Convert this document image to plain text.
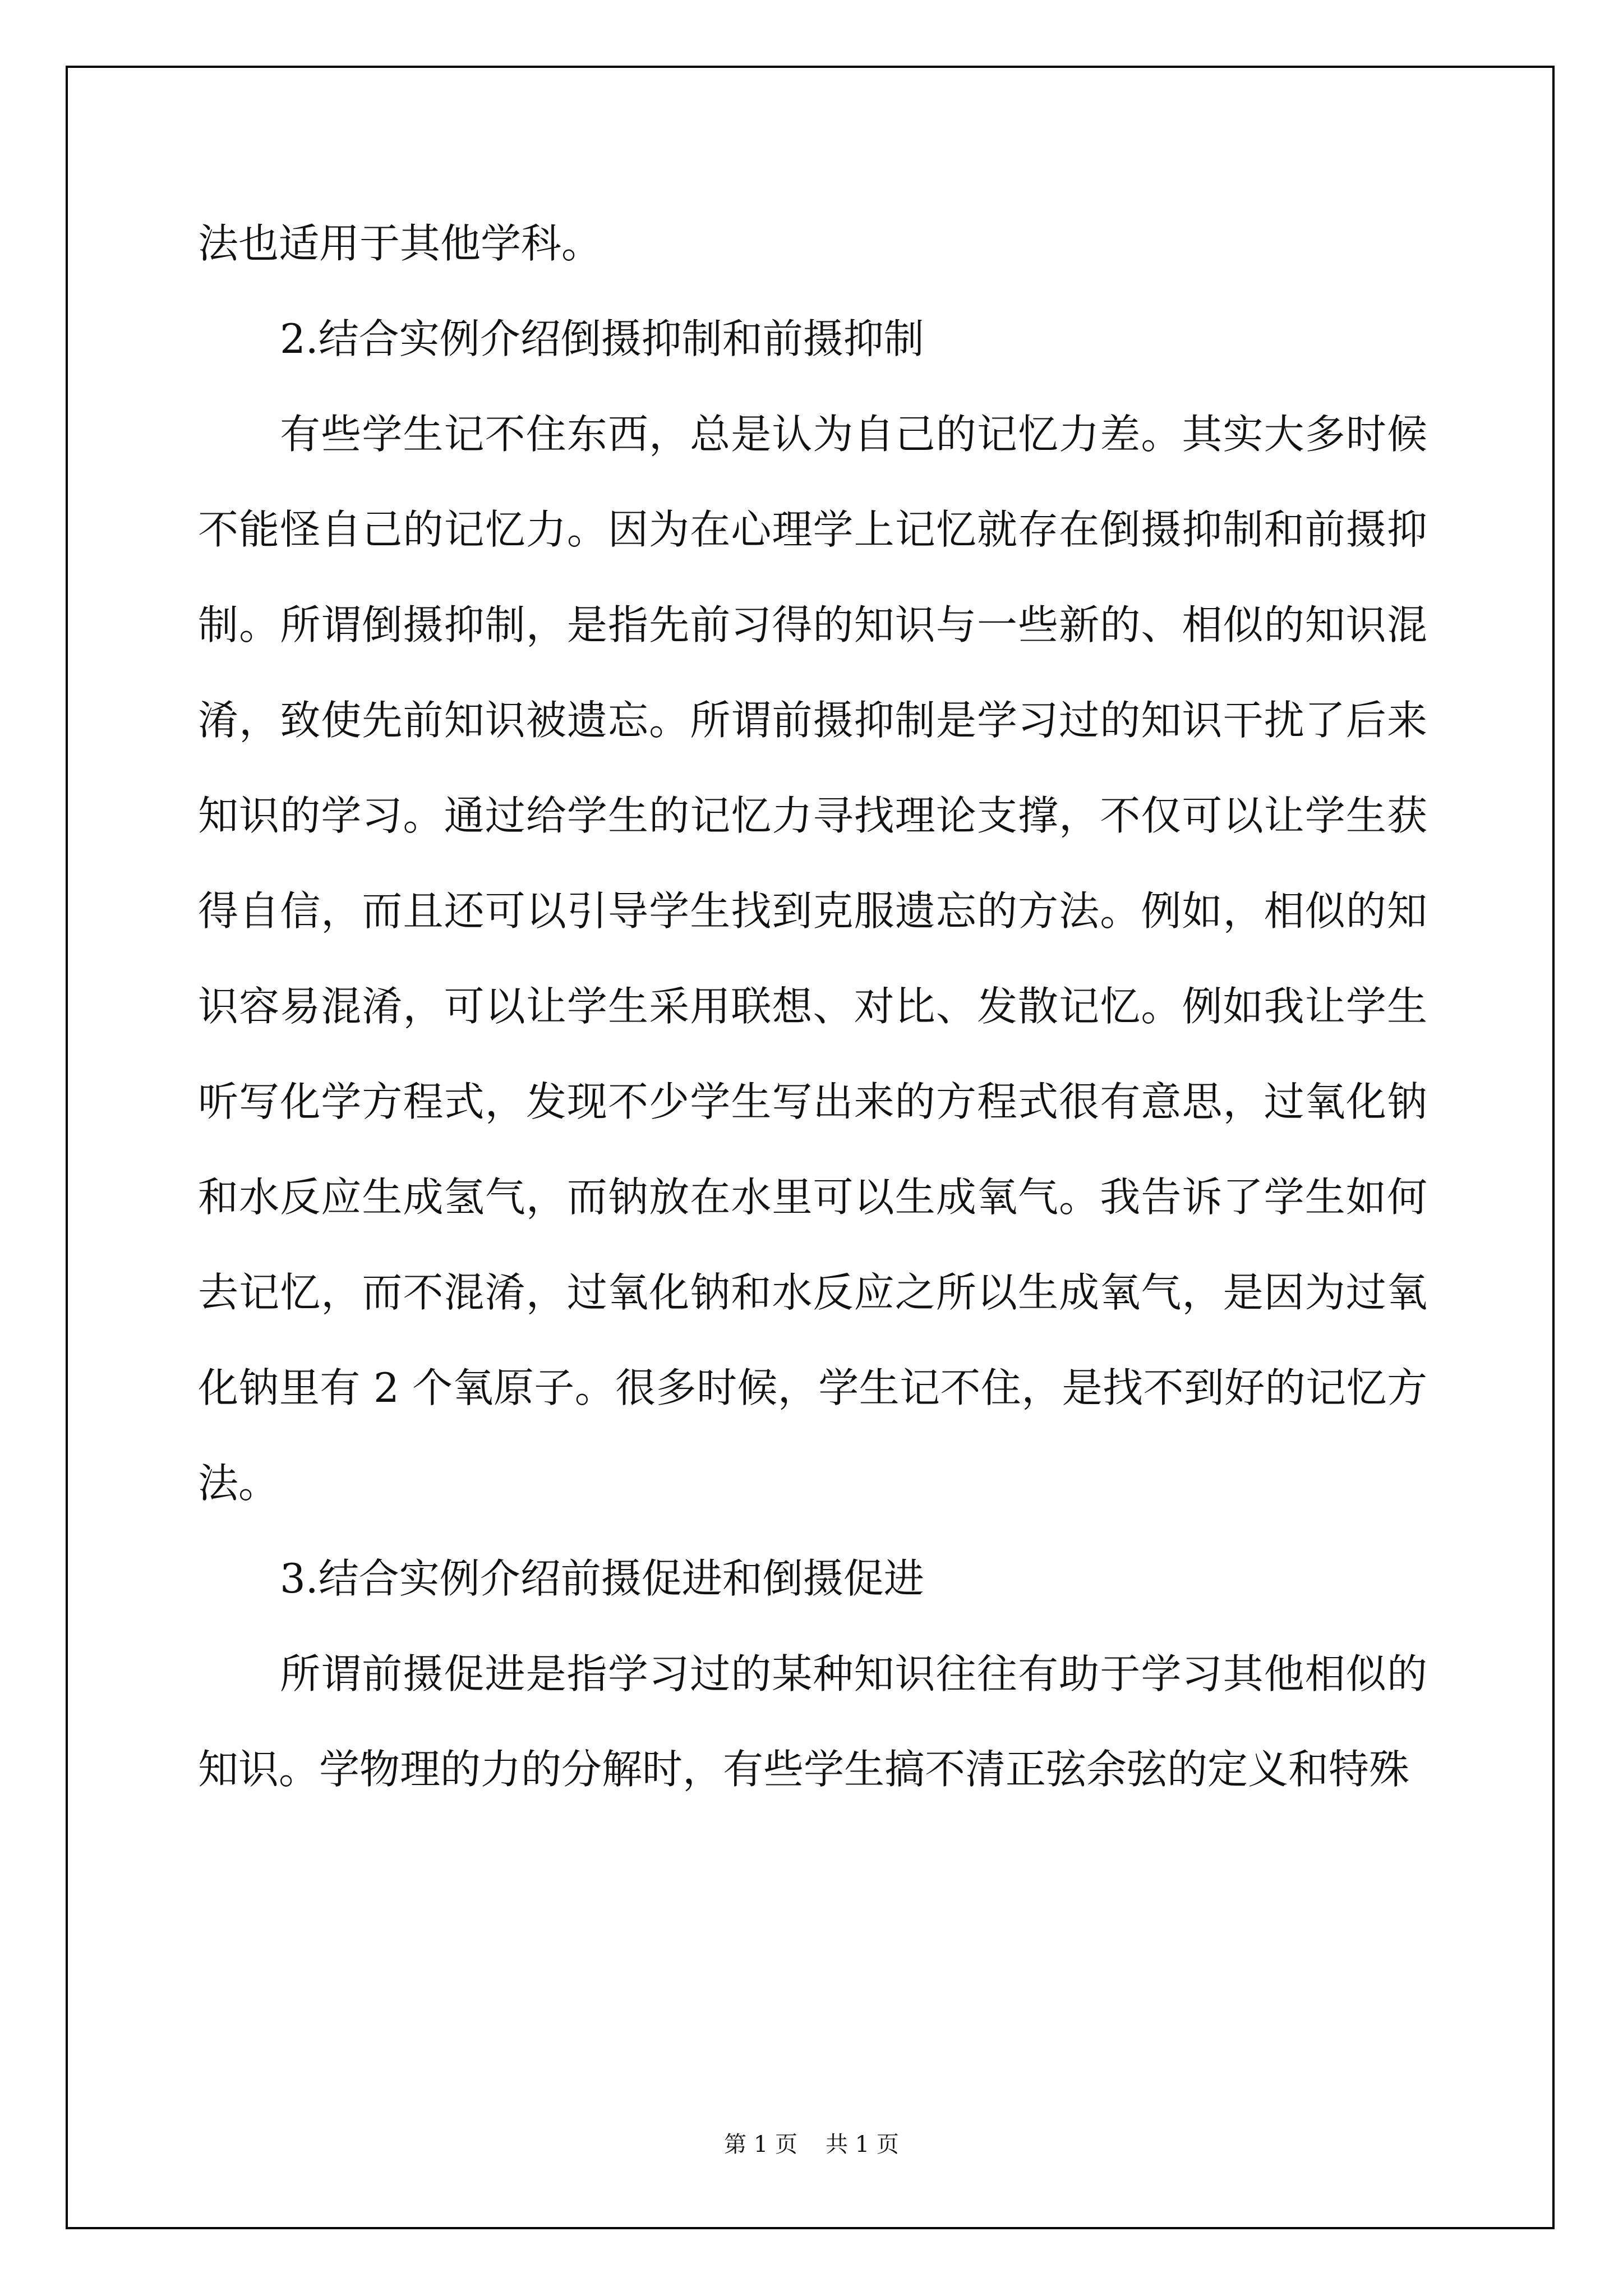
法也适用于其他学科。

2.结合实例介绍倒摄抑制和前摄抑制

有些学生记不住东西，总是认为自己的记忆力差。其实大多时候不能怪自己的记忆力。因为在心理学上记忆就存在倒摄抑制和前摄抑制。所谓倒摄抑制，是指先前习得的知识与一些新的、相似的知识混淆，致使先前知识被遗忘。所谓前摄抑制是学习过的知识干扰了后来知识的学习。通过给学生的记忆力寻找理论支撑，不仅可以让学生获得自信，而且还可以引导学生找到克服遗忘的方法。例如，相似的知识容易混淆，可以让学生采用联想、对比、发散记忆。例如我让学生听写化学方程式，发现不少学生写出来的方程式很有意思，过氧化钠和水反应生成氢气，而钠放在水里可以生成氧气。我告诉了学生如何去记忆，而不混淆，过氧化钠和水反应之所以生成氧气，是因为过氧化钠里有 2 个氧原子。很多时候，学生记不住，是找不到好的记忆方法。

3.结合实例介绍前摄促进和倒摄促进

所谓前摄促进是指学习过的某种知识往往有助于学习其他相似的知识。学物理的力的分解时，有些学生搞不清正弦余弦的定义和特殊

第 1 页 共 1 页
